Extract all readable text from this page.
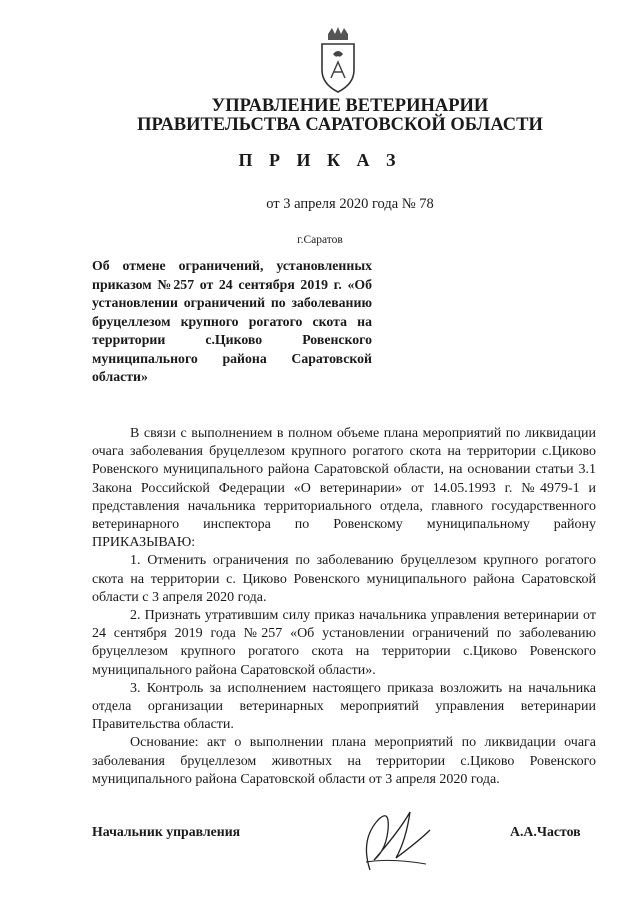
УПРАВЛЕНИЕ ВЕТЕРИНАРИИ
ПРАВИТЕЛЬСТВА САРАТОВСКОЙ ОБЛАСТИ
П Р И К А З
от 3 апреля 2020 года № 78
г.Саратов
Об отмене ограничений, установленных приказом №257 от 24 сентября 2019 г. «Об установлении ограничений по заболеванию бруцеллезом крупного рогатого скота на территории с.Циково Ровенского муниципального района Саратовской области»

В связи с выполнением в полном объеме плана мероприятий по ликвидации очага заболевания бруцеллезом крупного рогатого скота на территории с.Циково Ровенского муниципального района Саратовской области, на основании статьи 3.1 Закона Российской Федерации «О ветеринарии» от 14.05.1993 г. №4979-1 и представления начальника территориального отдела, главного государственного ветеринарного инспектора по Ровенскому муниципальному району ПРИКАЗЫВАЮ:

1. Отменить ограничения по заболеванию бруцеллезом крупного рогатого скота на территории с. Циково Ровенского муниципального района Саратовской области с 3 апреля 2020 года.

2. Признать утратившим силу приказ начальника управления ветеринарии от 24 сентября 2019 года №257 «Об установлении ограничений по заболеванию бруцеллезом крупного рогатого скота на территории с.Циково Ровенского муниципального района Саратовской области».

3. Контроль за исполнением настоящего приказа возложить на начальника отдела организации ветеринарных мероприятий управления ветеринарии Правительства области.

Основание: акт о выполнении плана мероприятий по ликвидации очага заболевания бруцеллезом животных на территории с.Циково Ровенского муниципального района Саратовской области от 3 апреля 2020 года.

Начальник управления	А.А.Частов
